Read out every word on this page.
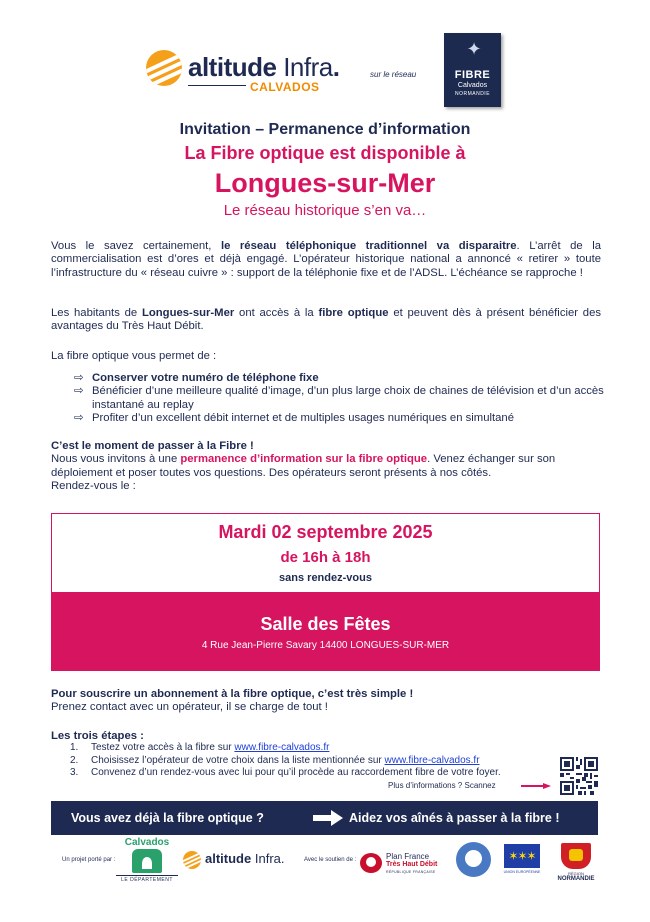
altitude Infra.
CALVADOS
sur le réseau
✦
FIBRE
Calvados
NORMANDIE
Invitation – Permanence d’information
La Fibre optique est disponible à
Longues-sur-Mer
Le réseau historique s’en va…
Vous le savez certainement, le réseau téléphonique traditionnel va disparaitre. L’arrêt de la commercialisation est d’ores et déjà engagé. L’opérateur historique national a annoncé « retirer » toute l’infrastructure du « réseau cuivre » : support de la téléphonie fixe et de l’ADSL. L’échéance se rapproche !
Les habitants de Longues-sur-Mer ont accès à la fibre optique et peuvent dès à présent bénéficier des avantages du Très Haut Débit.
La fibre optique vous permet de :
⇨ Conserver votre numéro de téléphone fixe
⇨ Bénéficier d’une meilleure qualité d’image, d’un plus large choix de chaines de télévision et d’un accès instantané au replay
⇨ Profiter d’un excellent débit internet et de multiples usages numériques en simultané
C’est le moment de passer à la Fibre !
Nous vous invitons à une permanence d’information sur la fibre optique. Venez échanger sur son déploiement et poser toutes vos questions. Des opérateurs seront présents à nos côtés.
Rendez-vous le :
Mardi 02 septembre 2025
de 16h à 18h
sans rendez-vous
Salle des Fêtes
4 Rue Jean-Pierre Savary 14400 LONGUES-SUR-MER
Pour souscrire un abonnement à la fibre optique, c’est très simple !
Prenez contact avec un opérateur, il se charge de tout !
Les trois étapes :
1. Testez votre accès à la fibre sur www.fibre-calvados.fr
2. Choisissez l’opérateur de votre choix dans la liste mentionnée sur www.fibre-calvados.fr
3. Convenez d’un rendez-vous avec lui pour qu’il procède au raccordement fibre de votre foyer.
Plus d’informations ? Scannez
Vous avez déjà la fibre optique ?	Aidez vos aînés à passer à la fibre !
Un projet porté par :
Calvados
LE DÉPARTEMENT
altitude Infra.	Avec le soutien de :	Plan France
Très Haut Débit
RÉPUBLIQUE FRANÇAISE
✶✶✶
UNION EUROPÉENNE	RÉGION
NORMANDIE
